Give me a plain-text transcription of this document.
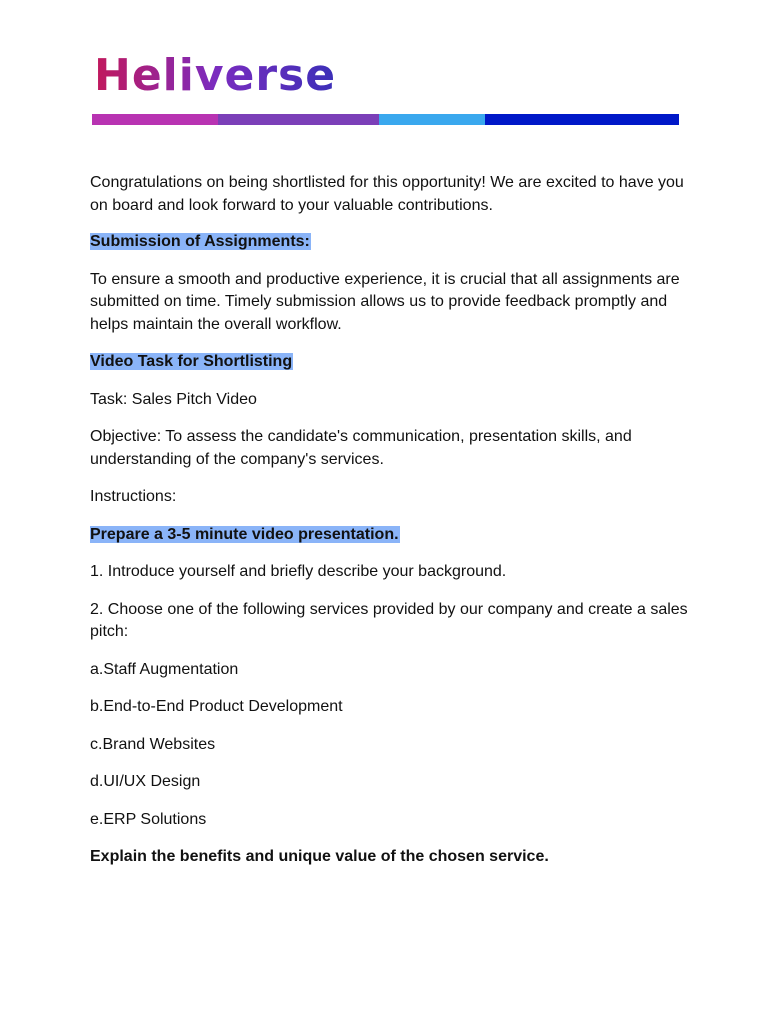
Heliverse

Congratulations on being shortlisted for this opportunity! We are excited to have you on board and look forward to your valuable contributions.

Submission of Assignments:

To ensure a smooth and productive experience, it is crucial that all assignments are submitted on time. Timely submission allows us to provide feedback promptly and helps maintain the overall workflow.

Video Task for Shortlisting

Task: Sales Pitch Video

Objective: To assess the candidate's communication, presentation skills, and understanding of the company's services.

Instructions:

Prepare a 3-5 minute video presentation.

1. Introduce yourself and briefly describe your background.

2. Choose one of the following services provided by our company and create a sales pitch:

a.Staff Augmentation

b.End-to-End Product Development

c.Brand Websites

d.UI/UX Design

e.ERP Solutions

Explain the benefits and unique value of the chosen service.
